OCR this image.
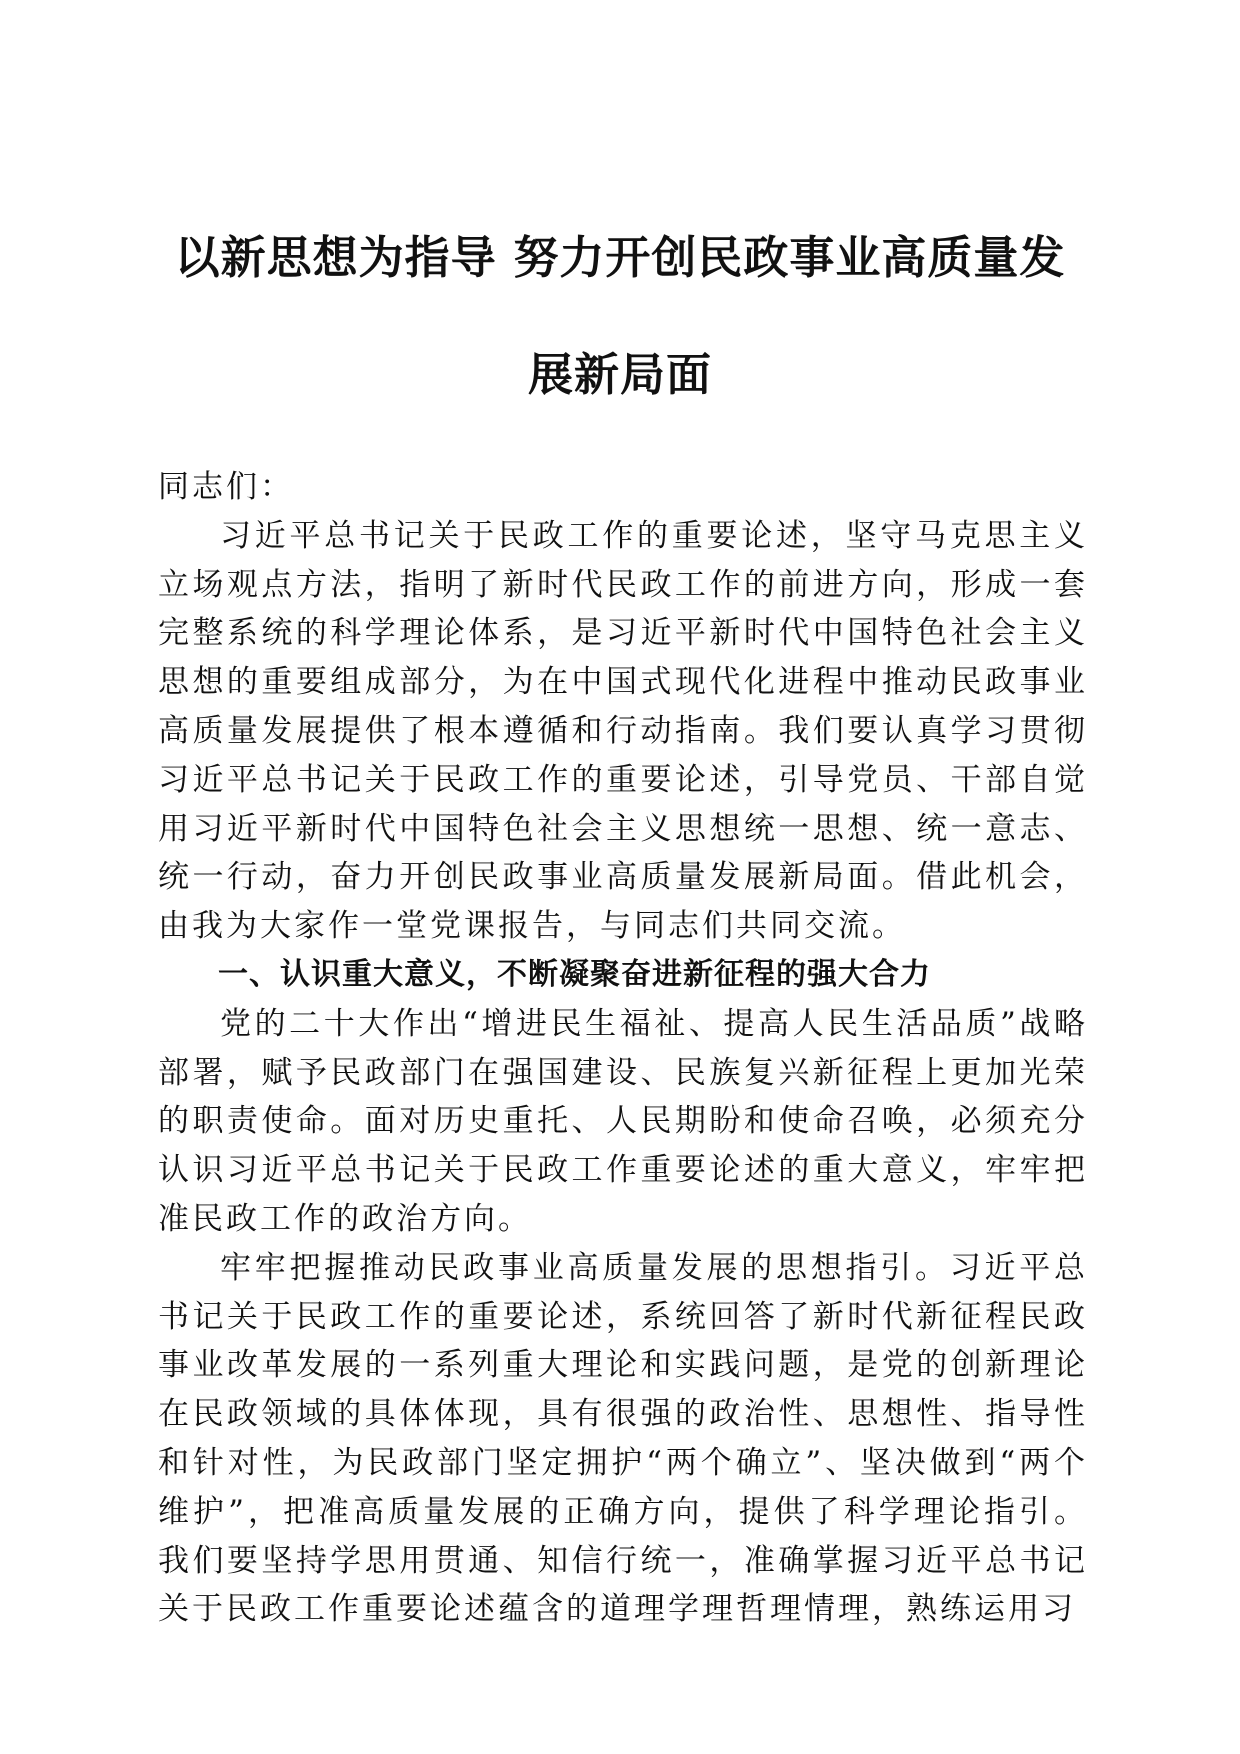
以新思想为指导 努力开创民政事业高质量发
展新局面

同志们：

习近平总书记关于民政工作的重要论述，坚守马克思主义立场观点方法，指明了新时代民政工作的前进方向，形成一套完整系统的科学理论体系，是习近平新时代中国特色社会主义思想的重要组成部分，为在中国式现代化进程中推动民政事业高质量发展提供了根本遵循和行动指南。我们要认真学习贯彻习近平总书记关于民政工作的重要论述，引导党员、干部自觉用习近平新时代中国特色社会主义思想统一思想、统一意志、统一行动，奋力开创民政事业高质量发展新局面。借此机会，由我为大家作一堂党课报告，与同志们共同交流。

一、认识重大意义，不断凝聚奋进新征程的强大合力

党的二十大作出“增进民生福祉、提高人民生活品质”战略部署，赋予民政部门在强国建设、民族复兴新征程上更加光荣的职责使命。面对历史重托、人民期盼和使命召唤，必须充分认识习近平总书记关于民政工作重要论述的重大意义，牢牢把准民政工作的政治方向。

牢牢把握推动民政事业高质量发展的思想指引。习近平总书记关于民政工作的重要论述，系统回答了新时代新征程民政事业改革发展的一系列重大理论和实践问题，是党的创新理论在民政领域的具体体现，具有很强的政治性、思想性、指导性和针对性，为民政部门坚定拥护“两个确立”、坚决做到“两个维护”，把准高质量发展的正确方向，提供了科学理论指引。我们要坚持学思用贯通、知信行统一，准确掌握习近平总书记关于民政工作重要论述蕴含的道理学理哲理情理，熟练运用习
